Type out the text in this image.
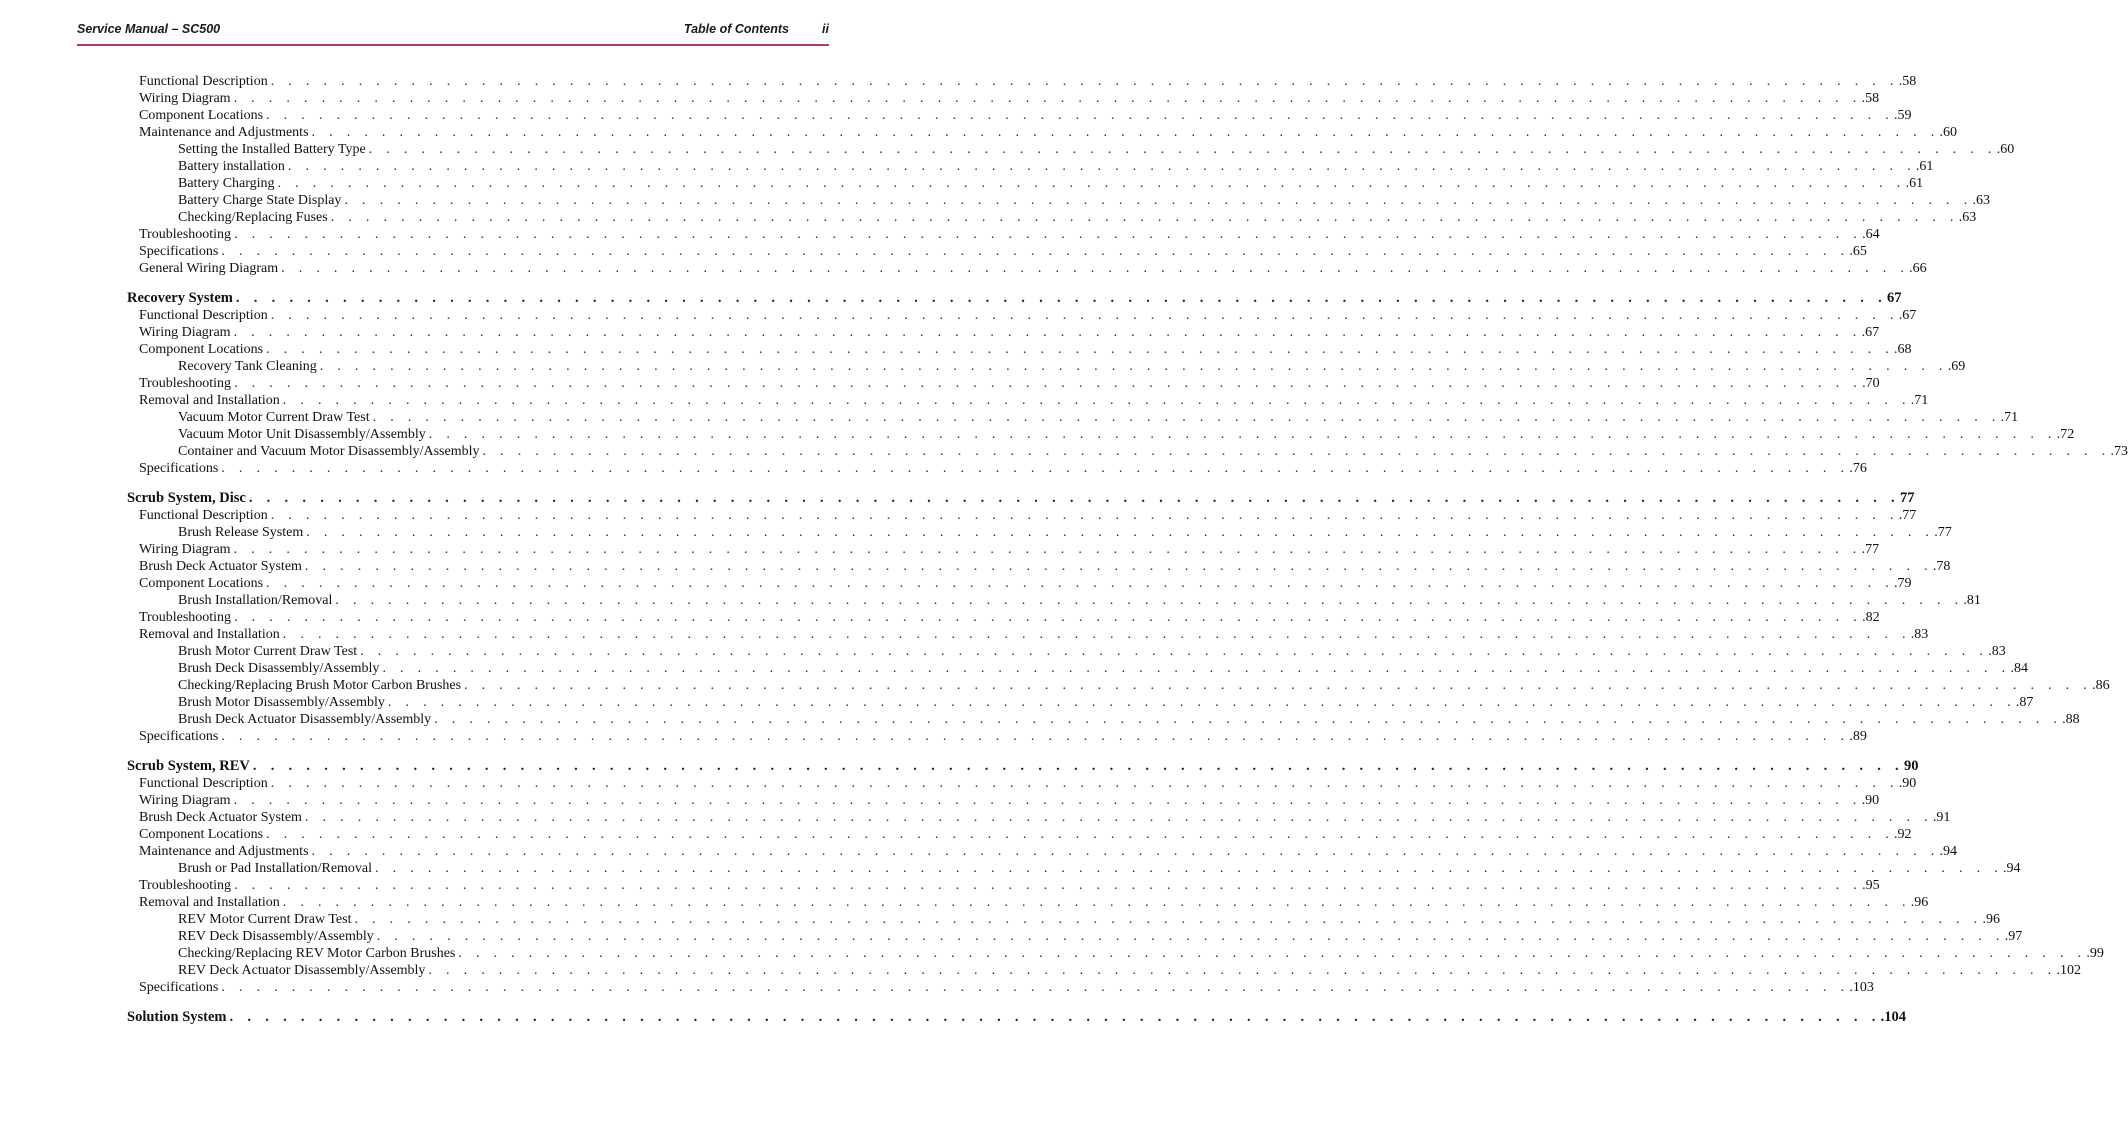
Service Manual – SC500	Table of Contents	ii
Functional Description . . . . . . . . . . . . . . . . . . . . . . . . . . . . . . . . . . . . . . . . . . . . . . . . . . . . . . . . . . . . . . . . . . . . . . . . . . . . . . . . . . . . . . . . . . . . . .58
Wiring Diagram . . . . . . . . . . . . . . . . . . . . . . . . . . . . . . . . . . . . . . . . . . . . . . . . . . . . . . . . . . . . . . . . . . . . . . . . . . . . . . . . . . . . . . . . . . . . . .58
Component Locations . . . . . . . . . . . . . . . . . . . . . . . . . . . . . . . . . . . . . . . . . . . . . . . . . . . . . . . . . . . . . . . . . . . . . . . . . . . . . . . . . . . . . . . . . . . . . .59
Maintenance and Adjustments . . . . . . . . . . . . . . . . . . . . . . . . . . . . . . . . . . . . . . . . . . . . . . . . . . . . . . . . . . . . . . . . . . . . . . . . . . . . . . . . . . . . . . . . . . . . . .60
Setting the Installed Battery Type . . . . . . . . . . . . . . . . . . . . . . . . . . . . . . . . . . . . . . . . . . . . . . . . . . . . . . . . . . . . . . . . . . . . . . . . . . . . . . . . . . . . . . . . . . . . . .60
Battery installation . . . . . . . . . . . . . . . . . . . . . . . . . . . . . . . . . . . . . . . . . . . . . . . . . . . . . . . . . . . . . . . . . . . . . . . . . . . . . . . . . . . . . . . . . . . . . .61
Battery Charging . . . . . . . . . . . . . . . . . . . . . . . . . . . . . . . . . . . . . . . . . . . . . . . . . . . . . . . . . . . . . . . . . . . . . . . . . . . . . . . . . . . . . . . . . . . . . .61
Battery Charge State Display . . . . . . . . . . . . . . . . . . . . . . . . . . . . . . . . . . . . . . . . . . . . . . . . . . . . . . . . . . . . . . . . . . . . . . . . . . . . . . . . . . . . . . . . . . . . . .63
Checking/Replacing Fuses . . . . . . . . . . . . . . . . . . . . . . . . . . . . . . . . . . . . . . . . . . . . . . . . . . . . . . . . . . . . . . . . . . . . . . . . . . . . . . . . . . . . . . . . . . . . . .63
Troubleshooting . . . . . . . . . . . . . . . . . . . . . . . . . . . . . . . . . . . . . . . . . . . . . . . . . . . . . . . . . . . . . . . . . . . . . . . . . . . . . . . . . . . . . . . . . . . . . .64
Specifications . . . . . . . . . . . . . . . . . . . . . . . . . . . . . . . . . . . . . . . . . . . . . . . . . . . . . . . . . . . . . . . . . . . . . . . . . . . . . . . . . . . . . . . . . . . . . .65
General Wiring Diagram . . . . . . . . . . . . . . . . . . . . . . . . . . . . . . . . . . . . . . . . . . . . . . . . . . . . . . . . . . . . . . . . . . . . . . . . . . . . . . . . . . . . . . . . . . . . . .66
Recovery System . . . . . . . . . . . . . . . . . . . . . . . . . . . . . . . . . . . . . . . . . . . . . . . . . . . . . . . . . . . . . . . . . . . . . . . . . . . . . . . . . . . . . . . . . . . . . 67
Functional Description . . . . . . . . . . . . . . . . . . . . . . . . . . . . . . . . . . . . . . . . . . . . . . . . . . . . . . . . . . . . . . . . . . . . . . . . . . . . . . . . . . . . . . . . . . . . . .67
Wiring Diagram . . . . . . . . . . . . . . . . . . . . . . . . . . . . . . . . . . . . . . . . . . . . . . . . . . . . . . . . . . . . . . . . . . . . . . . . . . . . . . . . . . . . . . . . . . . . . .67
Component Locations . . . . . . . . . . . . . . . . . . . . . . . . . . . . . . . . . . . . . . . . . . . . . . . . . . . . . . . . . . . . . . . . . . . . . . . . . . . . . . . . . . . . . . . . . . . . . .68
Recovery Tank Cleaning . . . . . . . . . . . . . . . . . . . . . . . . . . . . . . . . . . . . . . . . . . . . . . . . . . . . . . . . . . . . . . . . . . . . . . . . . . . . . . . . . . . . . . . . . . . . . .69
Troubleshooting . . . . . . . . . . . . . . . . . . . . . . . . . . . . . . . . . . . . . . . . . . . . . . . . . . . . . . . . . . . . . . . . . . . . . . . . . . . . . . . . . . . . . . . . . . . . . .70
Removal and Installation . . . . . . . . . . . . . . . . . . . . . . . . . . . . . . . . . . . . . . . . . . . . . . . . . . . . . . . . . . . . . . . . . . . . . . . . . . . . . . . . . . . . . . . . . . . . . .71
Vacuum Motor Current Draw Test . . . . . . . . . . . . . . . . . . . . . . . . . . . . . . . . . . . . . . . . . . . . . . . . . . . . . . . . . . . . . . . . . . . . . . . . . . . . . . . . . . . . . . . . . . . . . .71
Vacuum Motor Unit Disassembly/Assembly . . . . . . . . . . . . . . . . . . . . . . . . . . . . . . . . . . . . . . . . . . . . . . . . . . . . . . . . . . . . . . . . . . . . . . . . . . . . . . . . . . . . . . . . . . . . . .72
Container and Vacuum Motor Disassembly/Assembly . . . . . . . . . . . . . . . . . . . . . . . . . . . . . . . . . . . . . . . . . . . . . . . . . . . . . . . . . . . . . . . . . . . . . . . . . . . . . . . . . . . . . . . . . . . . . .73
Specifications . . . . . . . . . . . . . . . . . . . . . . . . . . . . . . . . . . . . . . . . . . . . . . . . . . . . . . . . . . . . . . . . . . . . . . . . . . . . . . . . . . . . . . . . . . . . . .76
Scrub System, Disc . . . . . . . . . . . . . . . . . . . . . . . . . . . . . . . . . . . . . . . . . . . . . . . . . . . . . . . . . . . . . . . . . . . . . . . . . . . . . . . . . . . . . . . . . . . . . 77
Functional Description . . . . . . . . . . . . . . . . . . . . . . . . . . . . . . . . . . . . . . . . . . . . . . . . . . . . . . . . . . . . . . . . . . . . . . . . . . . . . . . . . . . . . . . . . . . . . .77
Brush Release System . . . . . . . . . . . . . . . . . . . . . . . . . . . . . . . . . . . . . . . . . . . . . . . . . . . . . . . . . . . . . . . . . . . . . . . . . . . . . . . . . . . . . . . . . . . . . .77
Wiring Diagram . . . . . . . . . . . . . . . . . . . . . . . . . . . . . . . . . . . . . . . . . . . . . . . . . . . . . . . . . . . . . . . . . . . . . . . . . . . . . . . . . . . . . . . . . . . . . .77
Brush Deck Actuator System . . . . . . . . . . . . . . . . . . . . . . . . . . . . . . . . . . . . . . . . . . . . . . . . . . . . . . . . . . . . . . . . . . . . . . . . . . . . . . . . . . . . . . . . . . . . . .78
Component Locations . . . . . . . . . . . . . . . . . . . . . . . . . . . . . . . . . . . . . . . . . . . . . . . . . . . . . . . . . . . . . . . . . . . . . . . . . . . . . . . . . . . . . . . . . . . . . .79
Brush Installation/Removal . . . . . . . . . . . . . . . . . . . . . . . . . . . . . . . . . . . . . . . . . . . . . . . . . . . . . . . . . . . . . . . . . . . . . . . . . . . . . . . . . . . . . . . . . . . . . .81
Troubleshooting . . . . . . . . . . . . . . . . . . . . . . . . . . . . . . . . . . . . . . . . . . . . . . . . . . . . . . . . . . . . . . . . . . . . . . . . . . . . . . . . . . . . . . . . . . . . . .82
Removal and Installation . . . . . . . . . . . . . . . . . . . . . . . . . . . . . . . . . . . . . . . . . . . . . . . . . . . . . . . . . . . . . . . . . . . . . . . . . . . . . . . . . . . . . . . . . . . . . .83
Brush Motor Current Draw Test . . . . . . . . . . . . . . . . . . . . . . . . . . . . . . . . . . . . . . . . . . . . . . . . . . . . . . . . . . . . . . . . . . . . . . . . . . . . . . . . . . . . . . . . . . . . . .83
Brush Deck Disassembly/Assembly . . . . . . . . . . . . . . . . . . . . . . . . . . . . . . . . . . . . . . . . . . . . . . . . . . . . . . . . . . . . . . . . . . . . . . . . . . . . . . . . . . . . . . . . . . . . . .84
Checking/Replacing Brush Motor Carbon Brushes . . . . . . . . . . . . . . . . . . . . . . . . . . . . . . . . . . . . . . . . . . . . . . . . . . . . . . . . . . . . . . . . . . . . . . . . . . . . . . . . . . . . . . . . . . . . . .86
Brush Motor Disassembly/Assembly . . . . . . . . . . . . . . . . . . . . . . . . . . . . . . . . . . . . . . . . . . . . . . . . . . . . . . . . . . . . . . . . . . . . . . . . . . . . . . . . . . . . . . . . . . . . . .87
Brush Deck Actuator Disassembly/Assembly . . . . . . . . . . . . . . . . . . . . . . . . . . . . . . . . . . . . . . . . . . . . . . . . . . . . . . . . . . . . . . . . . . . . . . . . . . . . . . . . . . . . . . . . . . . . . .88
Specifications . . . . . . . . . . . . . . . . . . . . . . . . . . . . . . . . . . . . . . . . . . . . . . . . . . . . . . . . . . . . . . . . . . . . . . . . . . . . . . . . . . . . . . . . . . . . . .89
Scrub System, REV . . . . . . . . . . . . . . . . . . . . . . . . . . . . . . . . . . . . . . . . . . . . . . . . . . . . . . . . . . . . . . . . . . . . . . . . . . . . . . . . . . . . . . . . . . . . . 90
Functional Description . . . . . . . . . . . . . . . . . . . . . . . . . . . . . . . . . . . . . . . . . . . . . . . . . . . . . . . . . . . . . . . . . . . . . . . . . . . . . . . . . . . . . . . . . . . . . .90
Wiring Diagram . . . . . . . . . . . . . . . . . . . . . . . . . . . . . . . . . . . . . . . . . . . . . . . . . . . . . . . . . . . . . . . . . . . . . . . . . . . . . . . . . . . . . . . . . . . . . .90
Brush Deck Actuator System . . . . . . . . . . . . . . . . . . . . . . . . . . . . . . . . . . . . . . . . . . . . . . . . . . . . . . . . . . . . . . . . . . . . . . . . . . . . . . . . . . . . . . . . . . . . . .91
Component Locations . . . . . . . . . . . . . . . . . . . . . . . . . . . . . . . . . . . . . . . . . . . . . . . . . . . . . . . . . . . . . . . . . . . . . . . . . . . . . . . . . . . . . . . . . . . . . .92
Maintenance and Adjustments . . . . . . . . . . . . . . . . . . . . . . . . . . . . . . . . . . . . . . . . . . . . . . . . . . . . . . . . . . . . . . . . . . . . . . . . . . . . . . . . . . . . . . . . . . . . . .94
Brush or Pad Installation/Removal . . . . . . . . . . . . . . . . . . . . . . . . . . . . . . . . . . . . . . . . . . . . . . . . . . . . . . . . . . . . . . . . . . . . . . . . . . . . . . . . . . . . . . . . . . . . . .94
Troubleshooting . . . . . . . . . . . . . . . . . . . . . . . . . . . . . . . . . . . . . . . . . . . . . . . . . . . . . . . . . . . . . . . . . . . . . . . . . . . . . . . . . . . . . . . . . . . . . .95
Removal and Installation . . . . . . . . . . . . . . . . . . . . . . . . . . . . . . . . . . . . . . . . . . . . . . . . . . . . . . . . . . . . . . . . . . . . . . . . . . . . . . . . . . . . . . . . . . . . . .96
REV Motor Current Draw Test . . . . . . . . . . . . . . . . . . . . . . . . . . . . . . . . . . . . . . . . . . . . . . . . . . . . . . . . . . . . . . . . . . . . . . . . . . . . . . . . . . . . . . . . . . . . . .96
REV Deck Disassembly/Assembly . . . . . . . . . . . . . . . . . . . . . . . . . . . . . . . . . . . . . . . . . . . . . . . . . . . . . . . . . . . . . . . . . . . . . . . . . . . . . . . . . . . . . . . . . . . . . .97
Checking/Replacing REV Motor Carbon Brushes . . . . . . . . . . . . . . . . . . . . . . . . . . . . . . . . . . . . . . . . . . . . . . . . . . . . . . . . . . . . . . . . . . . . . . . . . . . . . . . . . . . . . . . . . . . . . .99
REV Deck Actuator Disassembly/Assembly . . . . . . . . . . . . . . . . . . . . . . . . . . . . . . . . . . . . . . . . . . . . . . . . . . . . . . . . . . . . . . . . . . . . . . . . . . . . . . . . . . . . . . . . . . . . . .102
Specifications . . . . . . . . . . . . . . . . . . . . . . . . . . . . . . . . . . . . . . . . . . . . . . . . . . . . . . . . . . . . . . . . . . . . . . . . . . . . . . . . . . . . . . . . . . . . . .103
Solution System . . . . . . . . . . . . . . . . . . . . . . . . . . . . . . . . . . . . . . . . . . . . . . . . . . . . . . . . . . . . . . . . . . . . . . . . . . . . . . . . . . . . . . . . . . . . . .104
